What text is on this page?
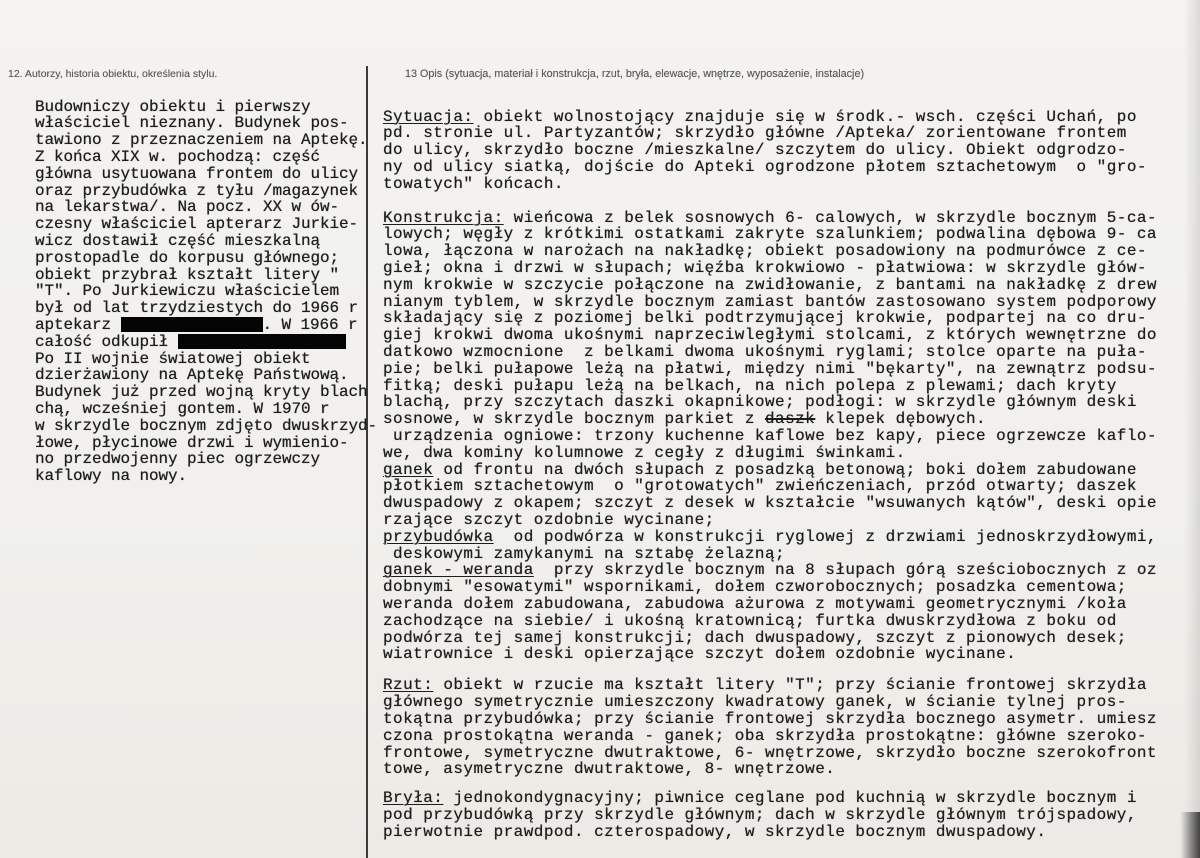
12. Autorzy, historia obiektu, określenia stylu.	13 Opis (sytuacja, materiał i konstrukcja, rzut, bryła, elewacje, wnętrze, wyposażenie, instalacje)
Budowniczy obiektu i pierwszy
właściciel nieznany. Budynek pos-
tawiono z przeznaczeniem na Aptekę.
Z końca XIX w. pochodzą: część
główna usytuowana frontem do ulicy
oraz przybudówka z tyłu /magazynek
na lekarstwa/. Na pocz. XX w ów-
czesny właściciel apterarz Jurkie-
wicz dostawił część mieszkalną
prostopadle do korpusu głównego;
obiekt przybrał kształt litery "
"T". Po Jurkiewiczu właścicielem
był od lat trzydziestych do 1966 r
aptekarz	. W 1966 r
całość odkupił
Po II wojnie światowej obiekt
dzierżawiony na Aptekę Państwową.
Budynek już przed wojną kryty blach
chą, wcześniej gontem. W 1970 r
w skrzydle bocznym zdjęto dwuskrzyd-
łowe, płycinowe drzwi i wymienio-
no przedwojenny piec ogrzewczy
kaflowy na nowy.
Sytuacja: obiekt wolnostojący znajduje się w środk.- wsch. części Uchań, po
pd. stronie ul. Partyzantów; skrzydło główne /Apteka/ zorientowane frontem
do ulicy, skrzydło boczne /mieszkalne/ szczytem do ulicy. Obiekt odgrodzo-
ny od ulicy siatką, dojście do Apteki ogrodzone płotem sztachetowym  o "gro-
towatych" końcach.
Konstrukcja: wieńcowa z belek sosnowych 6- calowych, w skrzydle bocznym 5-ca-
lowych; węgły z krótkimi ostatkami zakryte szalunkiem; podwalina dębowa 9- ca
lowa, łączona w narożach na nakładkę; obiekt posadowiony na podmurówce z ce-
gieł; okna i drzwi w słupach; więźba krokwiowo - płatwiowa: w skrzydle głów-
nym krokwie w szczycie połączone na zwidłowanie, z bantami na nakładkę z drew
nianym tyblem, w skrzydle bocznym zamiast bantów zastosowano system podporowy
składający się z poziomej belki podtrzymującej krokwie, podpartej na co dru-
giej krokwi dwoma ukośnymi naprzeciwległymi stolcami, z których wewnętrzne do
datkowo wzmocnione  z belkami dwoma ukośnymi ryglami; stolce oparte na puła-
pie; belki pułapowe leżą na płatwi, między nimi "bękarty", na zewnątrz podsu-
fitką; deski pułapu leżą na belkach, na nich polepa z plewami; dach kryty
blachą, przy szczytach daszki okapnikowe; podłogi: w skrzydle głównym deski
sosnowe, w skrzydle bocznym parkiet z daszk klepek dębowych.
urządzenia ogniowe: trzony kuchenne kaflowe bez kapy, piece ogrzewcze kaflo-
we, dwa kominy kolumnowe z cegły z długimi świnkami.
ganek od frontu na dwóch słupach z posadzką betonową; boki dołem zabudowane
płotkiem sztachetowym  o "grotowatych" zwieńczeniach, przód otwarty; daszek
dwuspadowy z okapem; szczyt z desek w kształcie "wsuwanych kątów", deski opie
rzające szczyt ozdobnie wycinane;
przybudówka  od podwórza w konstrukcji ryglowej z drzwiami jednoskrzydłowymi,
deskowymi zamykanymi na sztabę żelazną;
ganek - weranda  przy skrzydle bocznym na 8 słupach górą sześciobocznych z oz
dobnymi "esowatymi" wspornikami, dołem czworobocznych; posadzka cementowa;
weranda dołem zabudowana, zabudowa ażurowa z motywami geometrycznymi /koła
zachodzące na siebie/ i ukośną kratownicą; furtka dwuskrzydłowa z boku od
podwórza tej samej konstrukcji; dach dwuspadowy, szczyt z pionowych desek;
wiatrownice i deski opierzające szczyt dołem ozdobnie wycinane.
Rzut: obiekt w rzucie ma kształt litery "T"; przy ścianie frontowej skrzydła
głównego symetrycznie umieszczony kwadratowy ganek, w ścianie tylnej pros-
tokątna przybudówka; przy ścianie frontowej skrzydła bocznego asymetr. umiesz
czona prostokątna weranda - ganek; oba skrzydła prostokątne: główne szeroko-
frontowe, symetryczne dwutraktowe, 6- wnętrzowe, skrzydło boczne szerokofront
towe, asymetryczne dwutraktowe, 8- wnętrzowe.
Bryła: jednokondygnacyjny; piwnice ceglane pod kuchnią w skrzydle bocznym i
pod przybudówką przy skrzydle głównym; dach w skrzydle głównym trójspadowy,
pierwotnie prawdpod. czterospadowy, w skrzydle bocznym dwuspadowy.
